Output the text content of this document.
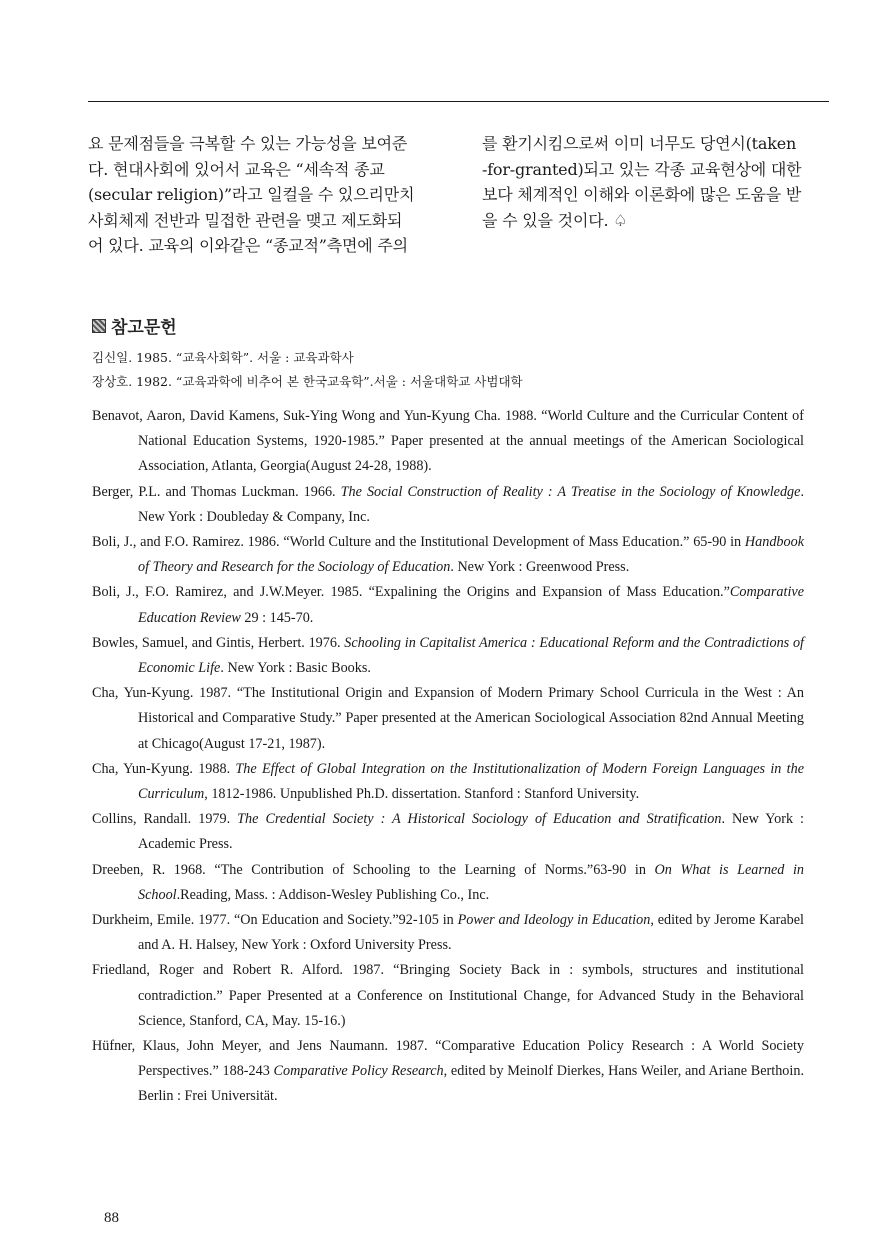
요 문제점들을 극복할 수 있는 가능성을 보여준
다. 현대사회에 있어서 교육은 “세속적 종교
(secular religion)”라고 일컬을 수 있으리만치
사회체제 전반과 밀접한 관련을 맺고 제도화되
어 있다. 교육의 이와같은 “종교적”측면에 주의
를 환기시킴으로써 이미 너무도 당연시(taken
-for-granted)되고 있는 각종 교육현상에 대한
보다 체계적인 이해와 이론화에 많은 도움을 받
을 수 있을 것이다. ♤
참고문헌
김신일. 1985. “교육사회학”. 서울 : 교육과학사
장상호. 1982. “교육과학에 비추어 본 한국교육학”.서울 : 서울대학교 사범대학

Benavot, Aaron, David Kamens, Suk-Ying Wong and Yun-Kyung Cha. 1988. “World Culture and the Curricular Content of National Education Systems, 1920-1985.” Paper presented at the annual meetings of the American Sociological Association, Atlanta, Georgia(August 24-28, 1988).

Berger, P.L. and Thomas Luckman. 1966. The Social Construction of Reality : A Treatise in the Sociology of Knowledge. New York : Doubleday & Company, Inc.

Boli, J., and F.O. Ramirez. 1986. “World Culture and the Institutional Development of Mass Education.” 65-90 in Handbook of Theory and Research for the Sociology of Education. New York : Greenwood Press.

Boli, J., F.O. Ramirez, and J.W.Meyer. 1985. “Expalining the Origins and Expansion of Mass Education.”Comparative Education Review 29 : 145-70.

Bowles, Samuel, and Gintis, Herbert. 1976. Schooling in Capitalist America : Educational Reform and the Contradictions of Economic Life. New York : Basic Books.

Cha, Yun-Kyung. 1987. “The Institutional Origin and Expansion of Modern Primary School Curricula in the West : An Historical and Comparative Study.” Paper presented at the American Sociological Association 82nd Annual Meeting at Chicago(August 17-21, 1987).

Cha, Yun-Kyung. 1988. The Effect of Global Integration on the Institutionalization of Modern Foreign Languages in the Curriculum, 1812-1986. Unpublished Ph.D. dissertation. Stanford : Stanford University.

Collins, Randall. 1979. The Credential Society : A Historical Sociology of Education and Stratification. New York : Academic Press.

Dreeben, R. 1968. “The Contribution of Schooling to the Learning of Norms.”63-90 in On What is Learned in School.Reading, Mass. : Addison-Wesley Publishing Co., Inc.

Durkheim, Emile. 1977. “On Education and Society.”92-105 in Power and Ideology in Education, edited by Jerome Karabel and A. H. Halsey, New York : Oxford University Press.

Friedland, Roger and Robert R. Alford. 1987. “Bringing Society Back in : symbols, structures and institutional contradiction.” Paper Presented at a Conference on Institutional Change, for Advanced Study in the Behavioral Science, Stanford, CA, May. 15-16.)

Hüfner, Klaus, John Meyer, and Jens Naumann. 1987. “Comparative Education Policy Research : A World Society Perspectives.” 188-243 Comparative Policy Research, edited by Meinolf Dierkes, Hans Weiler, and Ariane Berthoin. Berlin : Frei Universität.

88
